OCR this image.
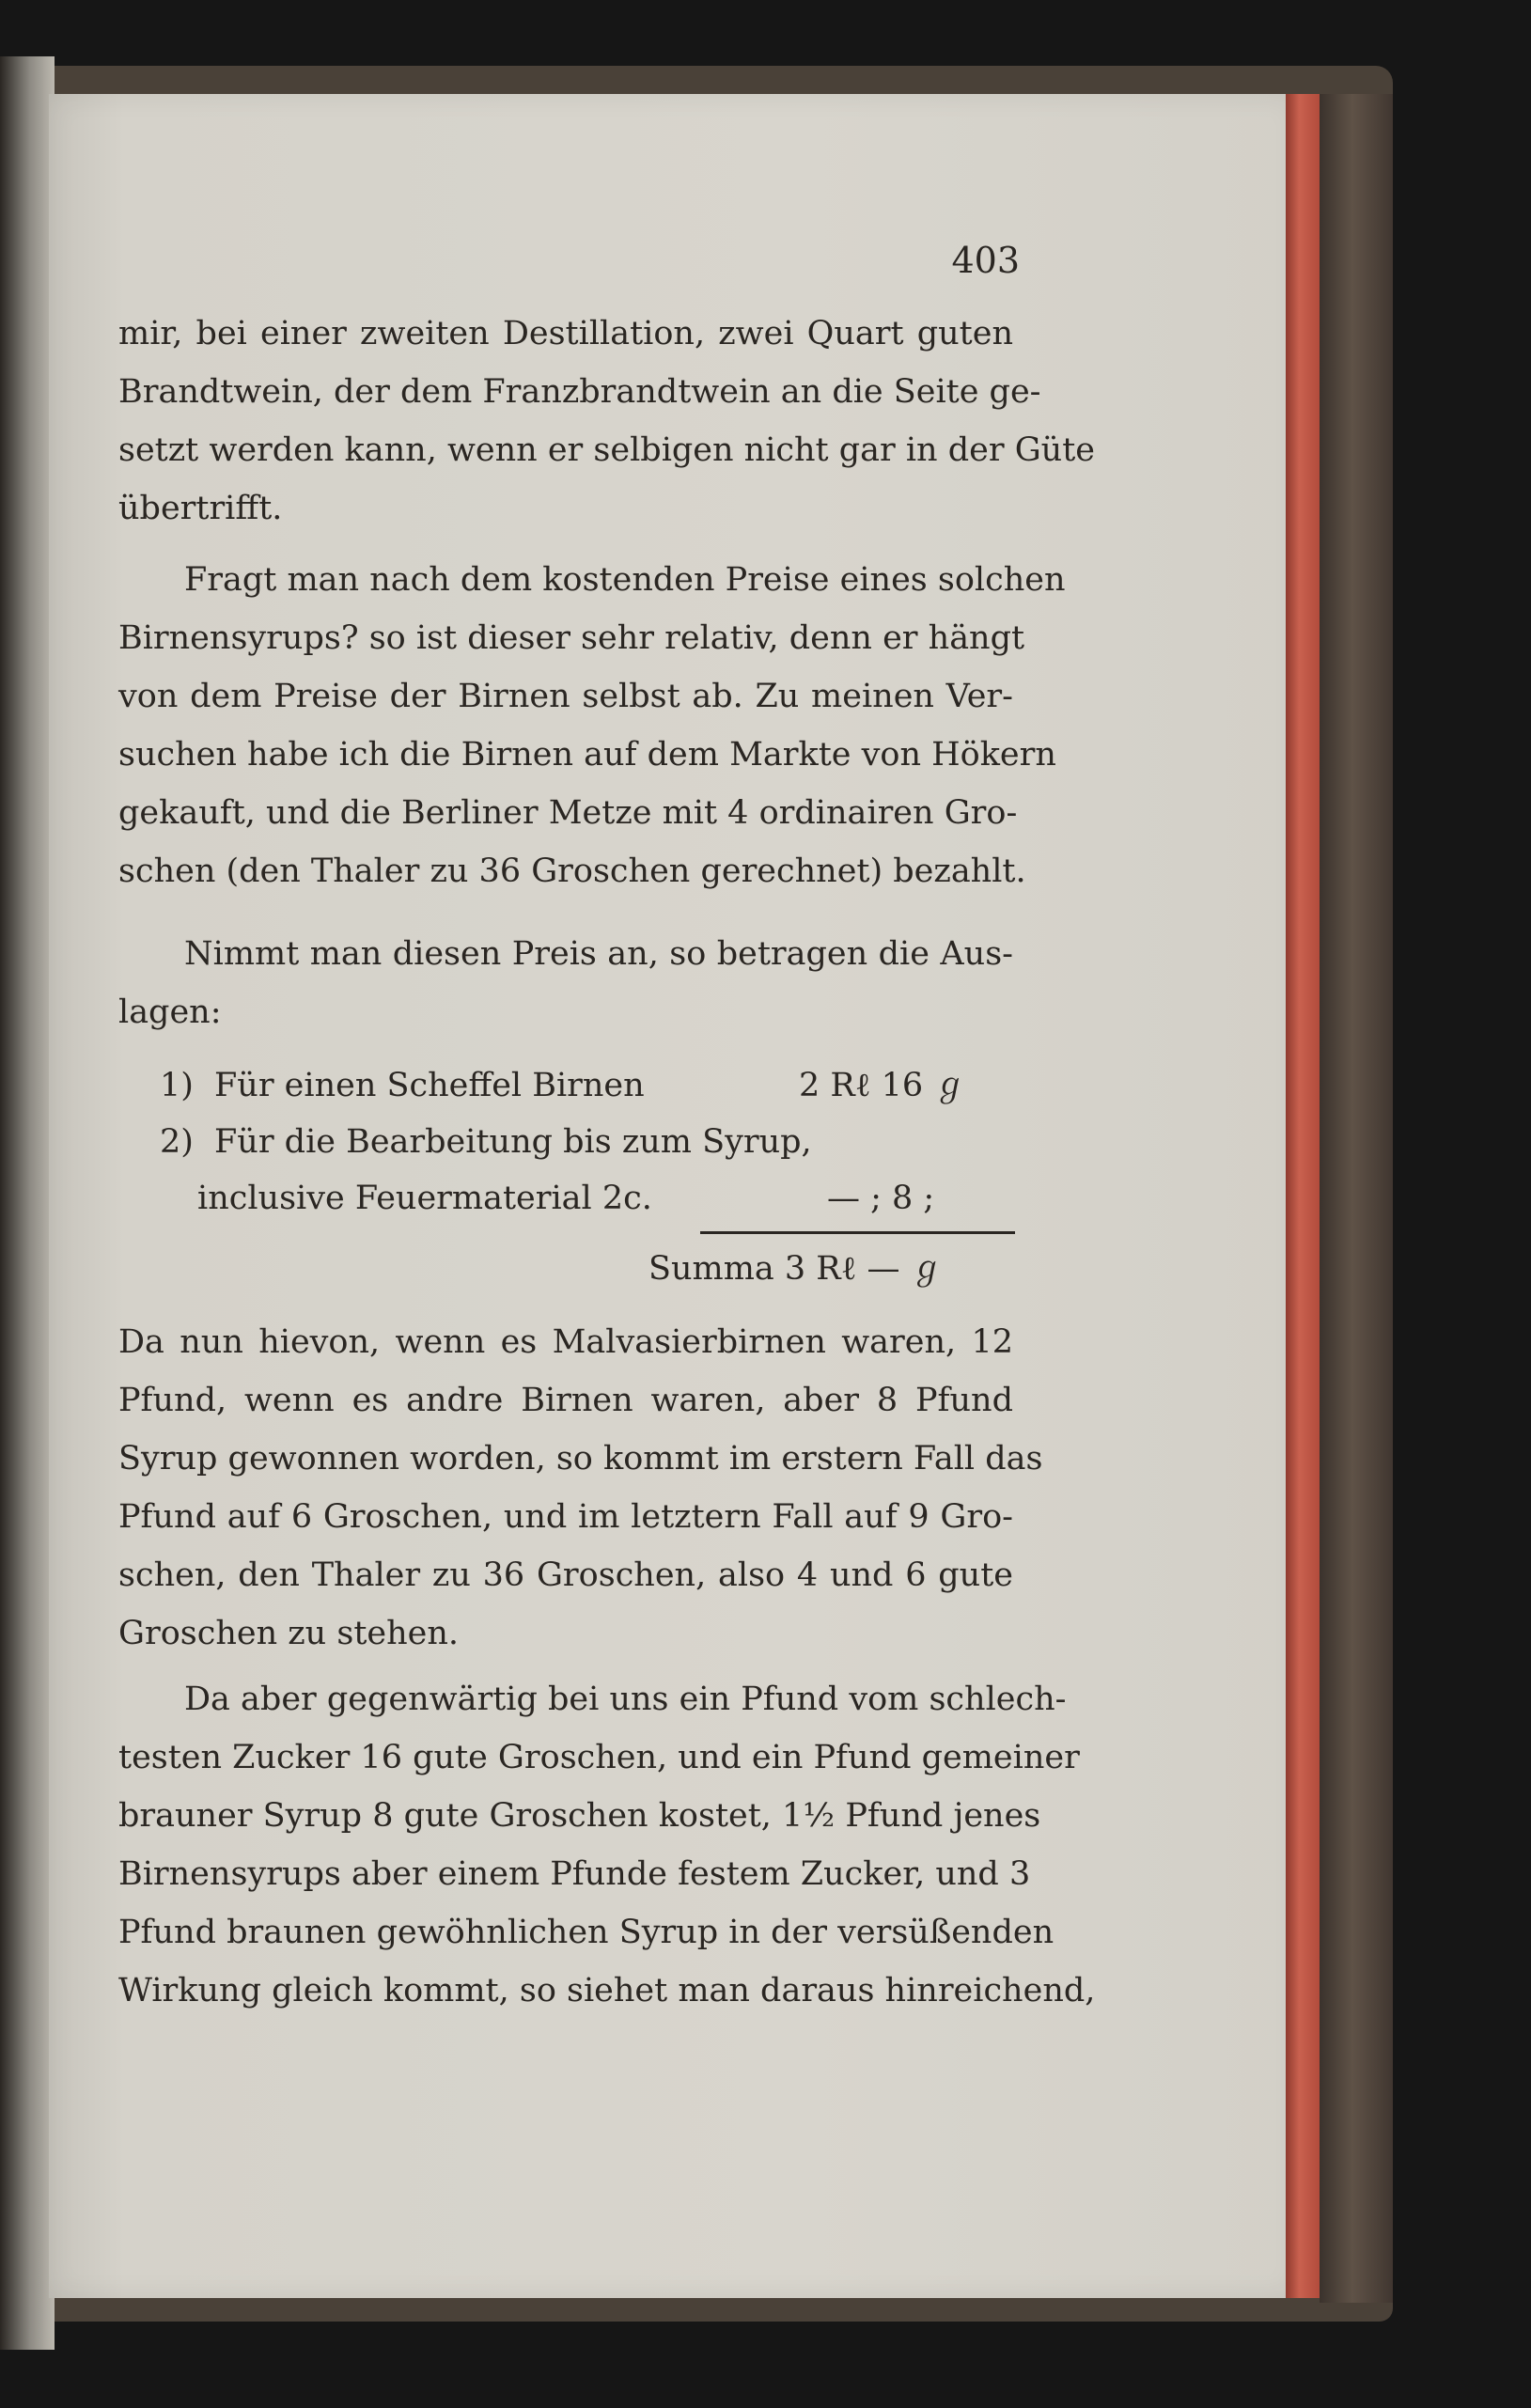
403
mir, bei einer zweiten Destillation, zwei Quart guten
Brandtwein, der dem Franzbrandtwein an die Seite ge-
setzt werden kann, wenn er selbigen nicht gar in der Güte
übertrifft.
Fragt man nach dem kostenden Preise eines solchen
Birnensyrups? so ist dieser sehr relativ, denn er hängt
von dem Preise der Birnen selbst ab. Zu meinen Ver-
suchen habe ich die Birnen auf dem Markte von Hökern
gekauft, und die Berliner Metze mit 4 ordinairen Gro-
schen (den Thaler zu 36 Groschen gerechnet) bezahlt.
Nimmt man diesen Preis an, so betragen die Aus-
lagen:
1) Für einen Scheffel Birnen	2 Rℓ 16 ℊ
2) Für die Bearbeitung bis zum Syrup,
inclusive Feuermaterial 2c.	— ; 8 ;
Summa 3 Rℓ — ℊ
Da nun hievon, wenn es Malvasierbirnen waren, 12
Pfund, wenn es andre Birnen waren, aber 8 Pfund
Syrup gewonnen worden, so kommt im erstern Fall das
Pfund auf 6 Groschen, und im letztern Fall auf 9 Gro-
schen, den Thaler zu 36 Groschen, also 4 und 6 gute
Groschen zu stehen.
Da aber gegenwärtig bei uns ein Pfund vom schlech-
testen Zucker 16 gute Groschen, und ein Pfund gemeiner
brauner Syrup 8 gute Groschen kostet, 1½ Pfund jenes
Birnensyrups aber einem Pfunde festem Zucker, und 3
Pfund braunen gewöhnlichen Syrup in der versüßenden
Wirkung gleich kommt, so siehet man daraus hinreichend,
